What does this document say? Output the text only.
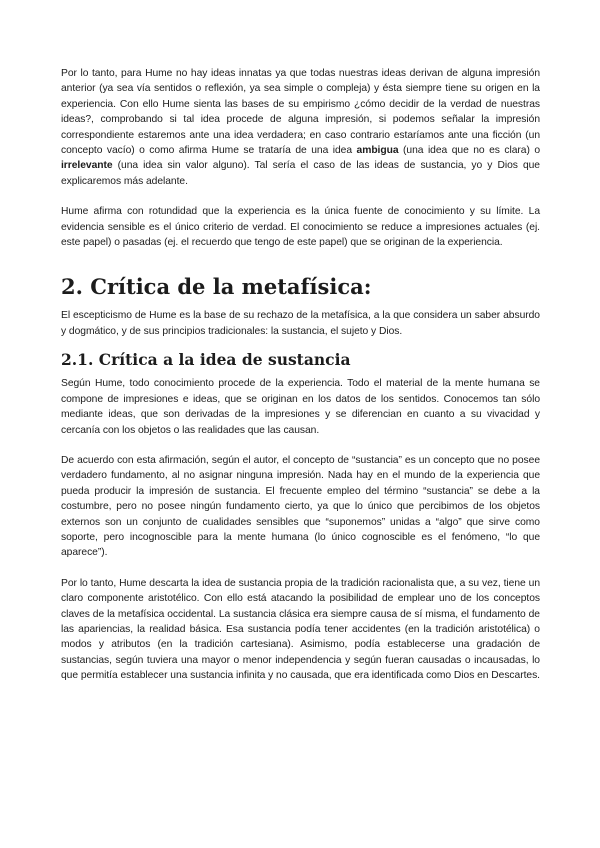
Por lo tanto, para Hume no hay ideas innatas ya que todas nuestras ideas derivan de alguna impresión anterior (ya sea vía sentidos o reflexión, ya sea simple o compleja) y ésta siempre tiene su origen en la experiencia. Con ello Hume sienta las bases de su empirismo ¿cómo decidir de la verdad de nuestras ideas?, comprobando si tal idea procede de alguna impresión, si podemos señalar la impresión correspondiente estaremos ante una idea verdadera; en caso contrario estaríamos ante una ficción (un concepto vacío) o como afirma Hume se trataría de una idea ambigua (una idea que no es clara) o irrelevante (una idea sin valor alguno). Tal sería el caso de las ideas de sustancia, yo y Dios que explicaremos más adelante.

Hume afirma con rotundidad que la experiencia es la única fuente de conocimiento y su límite. La evidencia sensible es el único criterio de verdad. El conocimiento se reduce a impresiones actuales (ej. este papel) o pasadas (ej. el recuerdo que tengo de este papel) que se originan de la experiencia.

2. Crítica de la metafísica:

El escepticismo de Hume es la base de su rechazo de la metafísica, a la que considera un saber absurdo y dogmático, y de sus principios tradicionales: la sustancia, el sujeto y Dios.

2.1. Crítica a la idea de sustancia

Según Hume, todo conocimiento procede de la experiencia. Todo el material de la mente humana se compone de impresiones e ideas, que se originan en los datos de los sentidos. Conocemos tan sólo mediante ideas, que son derivadas de la impresiones y se diferencian en cuanto a su vivacidad y cercanía con los objetos o las realidades que las causan.

De acuerdo con esta afirmación, según el autor, el concepto de “sustancia” es un concepto que no posee verdadero fundamento, al no asignar ninguna impresión. Nada hay en el mundo de la experiencia que pueda producir la impresión de sustancia. El frecuente empleo del término “sustancia” se debe a la costumbre, pero no posee ningún fundamento cierto, ya que lo único que percibimos de los objetos externos son un conjunto de cualidades sensibles que “suponemos” unidas a “algo” que sirve como soporte, pero incognoscible para la mente humana (lo único cognoscible es el fenómeno, “lo que aparece”).

Por lo tanto, Hume descarta la idea de sustancia propia de la tradición racionalista que, a su vez, tiene un claro componente aristotélico. Con ello está atacando la posibilidad de emplear uno de los conceptos claves de la metafísica occidental. La sustancia clásica era siempre causa de sí misma, el fundamento de las apariencias, la realidad básica. Esa sustancia podía tener accidentes (en la tradición aristotélica) o modos y atributos (en la tradición cartesiana). Asimismo, podía establecerse una gradación de sustancias, según tuviera una mayor o menor independencia y según fueran causadas o incausadas, lo que permitía establecer una sustancia infinita y no causada, que era identificada como Dios en Descartes.
